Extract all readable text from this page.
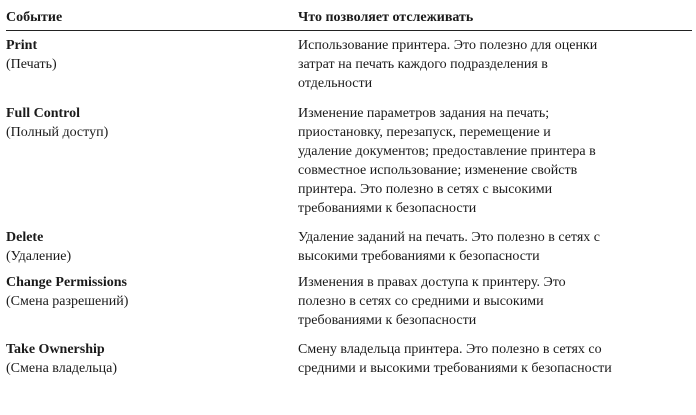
Событие	Что позволяет отслеживать
Print
(Печать)
Использование принтера. Это полезно для оценки
затрат на печать каждого подразделения в
отдельности
Full Control
(Полный доступ)
Изменение параметров задания на печать;
приостановку, перезапуск, перемещение и
удаление документов; предоставление принтера в
совместное использование; изменение свойств
принтера. Это полезно в сетях с высокими
требованиями к безопасности
Delete
(Удаление)
Удаление заданий на печать. Это полезно в сетях с
высокими требованиями к безопасности
Change Permissions
(Смена разрешений)
Изменения в правах доступа к принтеру. Это
полезно в сетях со средними и высокими
требованиями к безопасности
Take Ownership
(Смена владельца)
Смену владельца принтера. Это полезно в сетях со
средними и высокими требованиями к безопасности
